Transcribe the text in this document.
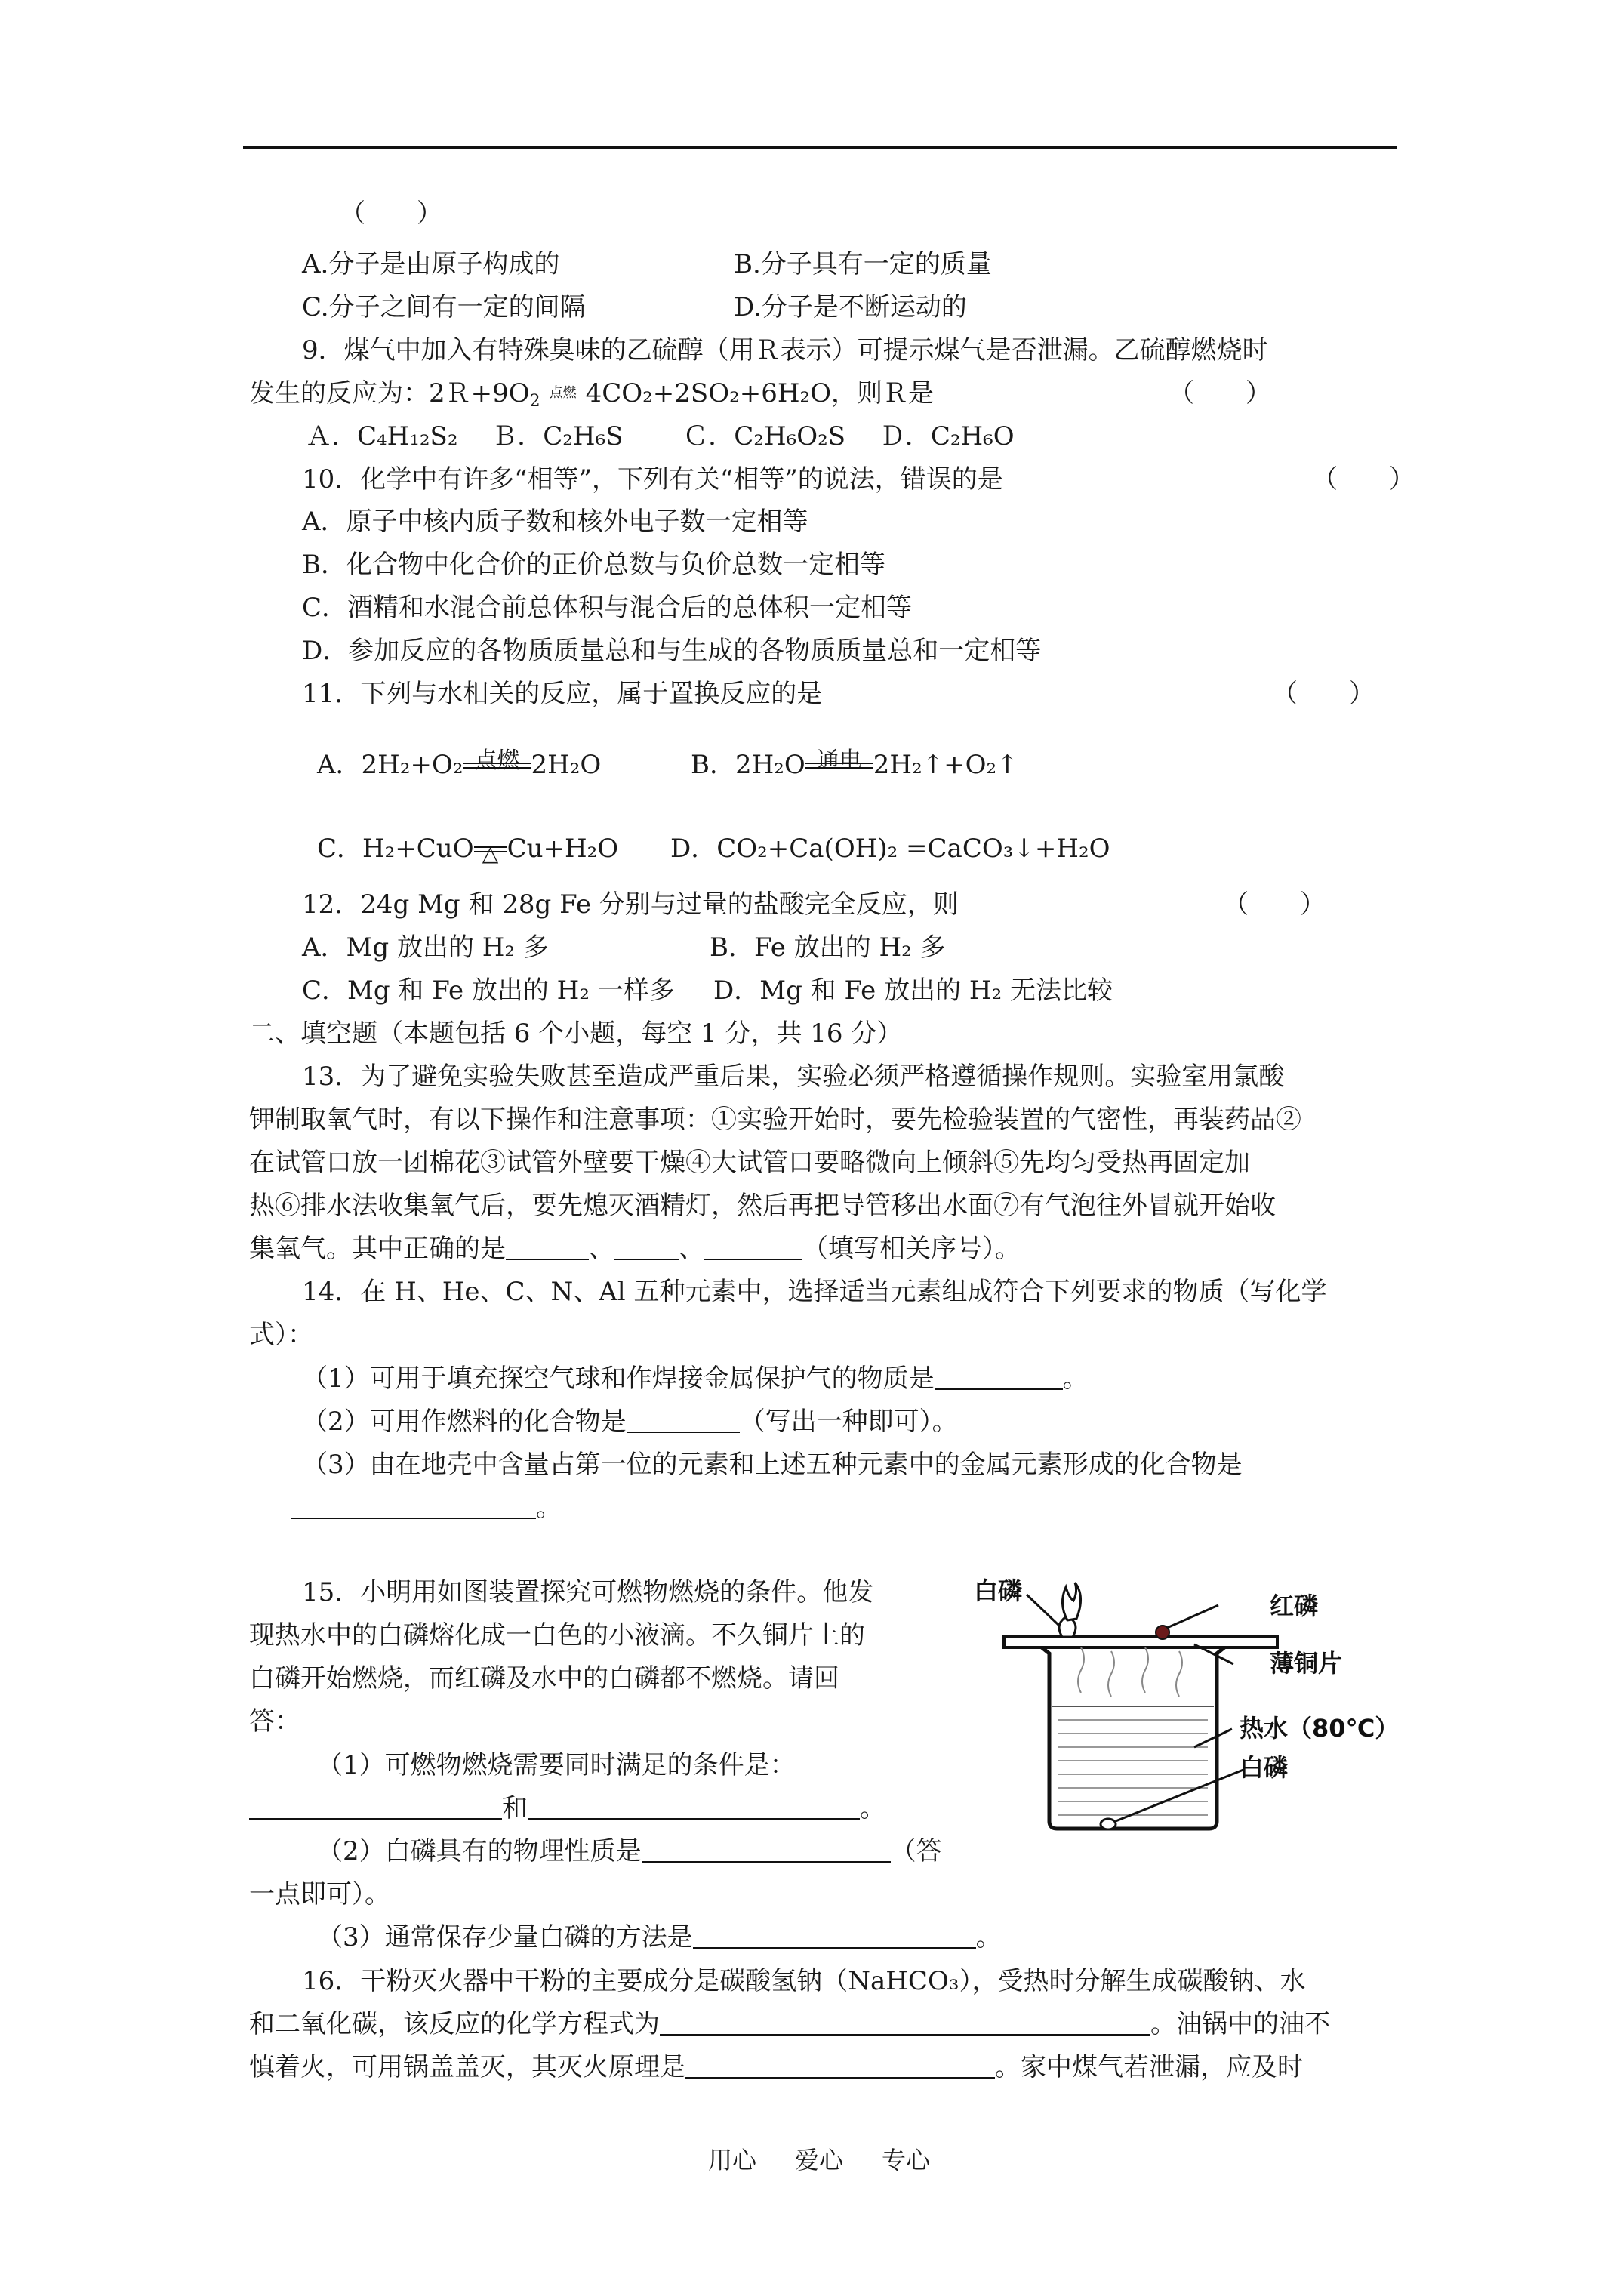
（　　）
A.分子是由原子构成的	B.分子具有一定的质量
C.分子之间有一定的间隔	D.分子是不断运动的
9．煤气中加入有特殊臭味的乙硫醇（用Ｒ表示）可提示煤气是否泄漏。乙硫醇燃烧时
发生的反应为：$2R+9O_2$ 点燃 4CO₂+2SO₂+6H₂O，则Ｒ是	（　　）
Ａ．C₄H₁₂S₂　 Ｂ．C₂H₆S　　 Ｃ．C₂H₆O₂S　 Ｄ．C₂H₆O
10．化学中有许多“相等”，下列有关“相等”的说法，错误的是	（　　）
A．原子中核内质子数和核外电子数一定相等
B．化合物中化合价的正价总数与负价总数一定相等
C．酒精和水混合前总体积与混合后的总体积一定相等
D．参加反应的各物质质量总和与生成的各物质质量总和一定相等
11．下列与水相关的反应，属于置换反应的是	（　　）
A．2H₂+O₂ 点燃 2H₂O	B．2H₂O 通电 2H₂↑+O₂↑
C．H₂+CuO △ Cu+H₂O D．CO₂+Ca(OH)₂ =CaCO₃↓+H₂O
12．24g Mg 和 28g Fe 分别与过量的盐酸完全反应，则	（　　）
A．Mg 放出的 H₂ 多	B．Fe 放出的 H₂ 多
C．Mg 和 Fe 放出的 H₂ 一样多 D．Mg 和 Fe 放出的 H₂ 无法比较
二、填空题（本题包括 6 个小题，每空 1 分，共 16 分）
13．为了避免实验失败甚至造成严重后果，实验必须严格遵循操作规则。实验室用氯酸
钾制取氧气时，有以下操作和注意事项：①实验开始时，要先检验装置的气密性，再装药品②
在试管口放一团棉花③试管外壁要干燥④大试管口要略微向上倾斜⑤先均匀受热再固定加
热⑥排水法收集氧气后，要先熄灭酒精灯，然后再把导管移出水面⑦有气泡往外冒就开始收
集氧气。其中正确的是	、	、	（填写相关序号）。
14．在 H、He、C、N、Al 五种元素中，选择适当元素组成符合下列要求的物质（写化学
式）：
（1）可用于填充探空气球和作焊接金属保护气的物质是	。
（2）可用作燃料的化合物是	（写出一种即可）。
（3）由在地壳中含量占第一位的元素和上述五种元素中的金属元素形成的化合物是
。
15．小明用如图装置探究可燃物燃烧的条件。他发
现热水中的白磷熔化成一白色的小液滴。不久铜片上的
白磷开始燃烧，而红磷及水中的白磷都不燃烧。请回
答：
（1）可燃物燃烧需要同时满足的条件是：
和	。
（2）白磷具有的物理性质是	（答
一点即可）。
（3）通常保存少量白磷的方法是	。
白磷
红磷
薄铜片
热水（80℃）
白磷
16．干粉灭火器中干粉的主要成分是碳酸氢钠（NaHCO₃），受热时分解生成碳酸钠、水
和二氧化碳，该反应的化学方程式为	。油锅中的油不
慎着火，可用锅盖盖灭，其灭火原理是	。家中煤气若泄漏，应及时
用心 爱心 专心
